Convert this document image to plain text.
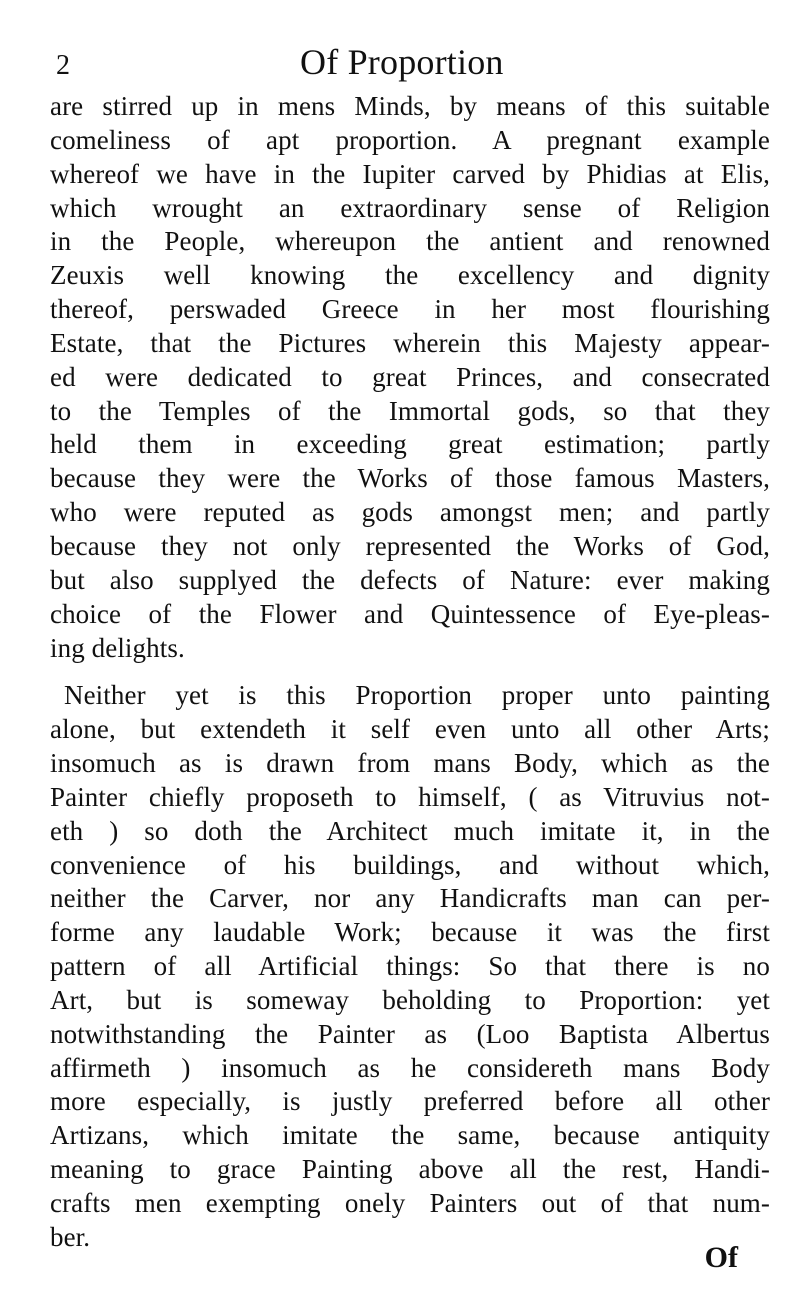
2	Of Proportion
are stirred up in mens Minds, by means of this suitable
comeliness of apt proportion. A pregnant example
whereof we have in the Iupiter carved by Phidias at Elis,
which wrought an extraordinary sense of Religion
in the People, whereupon the antient and renowned
Zeuxis well knowing the excellency and dignity
thereof, perswaded Greece in her most flourishing
Estate, that the Pictures wherein this Majesty appear-
ed were dedicated to great Princes, and consecrated
to the Temples of the Immortal gods, so that they
held them in exceeding great estimation; partly
because they were the Works of those famous Masters,
who were reputed as gods amongst men; and partly
because they not only represented the Works of God,
but also supplyed the defects of Nature: ever making
choice of the Flower and Quintessence of Eye-pleas-
ing delights.
Neither yet is this Proportion proper unto painting
alone, but extendeth it self even unto all other Arts;
insomuch as is drawn from mans Body, which as the
Painter chiefly proposeth to himself, ( as Vitruvius not-
eth ) so doth the Architect much imitate it, in the
convenience of his buildings, and without which,
neither the Carver, nor any Handicrafts man can per-
forme any laudable Work; because it was the first
pattern of all Artificial things: So that there is no
Art, but is someway beholding to Proportion: yet
notwithstanding the Painter as (Loo Baptista Albertus
affirmeth ) insomuch as he considereth mans Body
more especially, is justly preferred before all other
Artizans, which imitate the same, because antiquity
meaning to grace Painting above all the rest, Handi-
crafts men exempting onely Painters out of that num-
ber.
Of
